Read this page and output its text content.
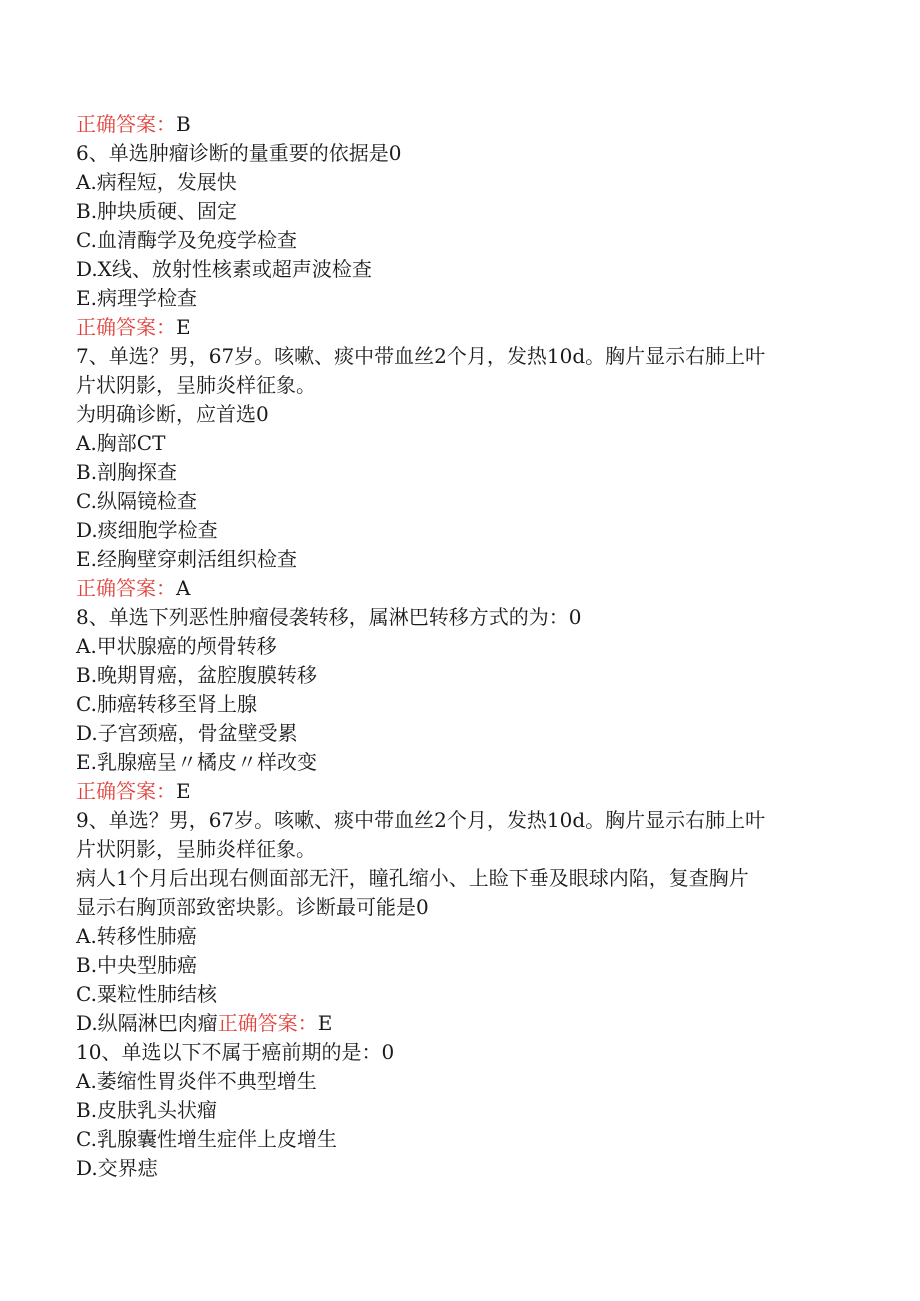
正确答案：B
6、单选肿瘤诊断的量重要的依据是0
A.病程短，发展快
B.肿块质硬、固定
C.血清酶学及免疫学检查
D.X线、放射性核素或超声波检查
E.病理学检查
正确答案：E
7、单选？男，67岁。咳嗽、痰中带血丝2个月，发热10d。胸片显示右肺上叶
片状阴影，呈肺炎样征象。
为明确诊断，应首选0
A.胸部CT
B.剖胸探查
C.纵隔镜检查
D.痰细胞学检查
E.经胸壁穿刺活组织检查
正确答案：A
8、单选下列恶性肿瘤侵袭转移，属淋巴转移方式的为：0
A.甲状腺癌的颅骨转移
B.晚期胃癌，盆腔腹膜转移
C.肺癌转移至肾上腺
D.子宫颈癌，骨盆壁受累
E.乳腺癌呈〃橘皮〃样改变
正确答案：E
9、单选？男，67岁。咳嗽、痰中带血丝2个月，发热10d。胸片显示右肺上叶
片状阴影，呈肺炎样征象。
病人1个月后出现右侧面部无汗，瞳孔缩小、上睑下垂及眼球内陷，复查胸片
显示右胸顶部致密块影。诊断最可能是0
A.转移性肺癌
B.中央型肺癌
C.粟粒性肺结核
D.纵隔淋巴肉瘤正确答案：E
10、单选以下不属于癌前期的是：0
A.萎缩性胃炎伴不典型增生
B.皮肤乳头状瘤
C.乳腺囊性增生症伴上皮增生
D.交界痣
